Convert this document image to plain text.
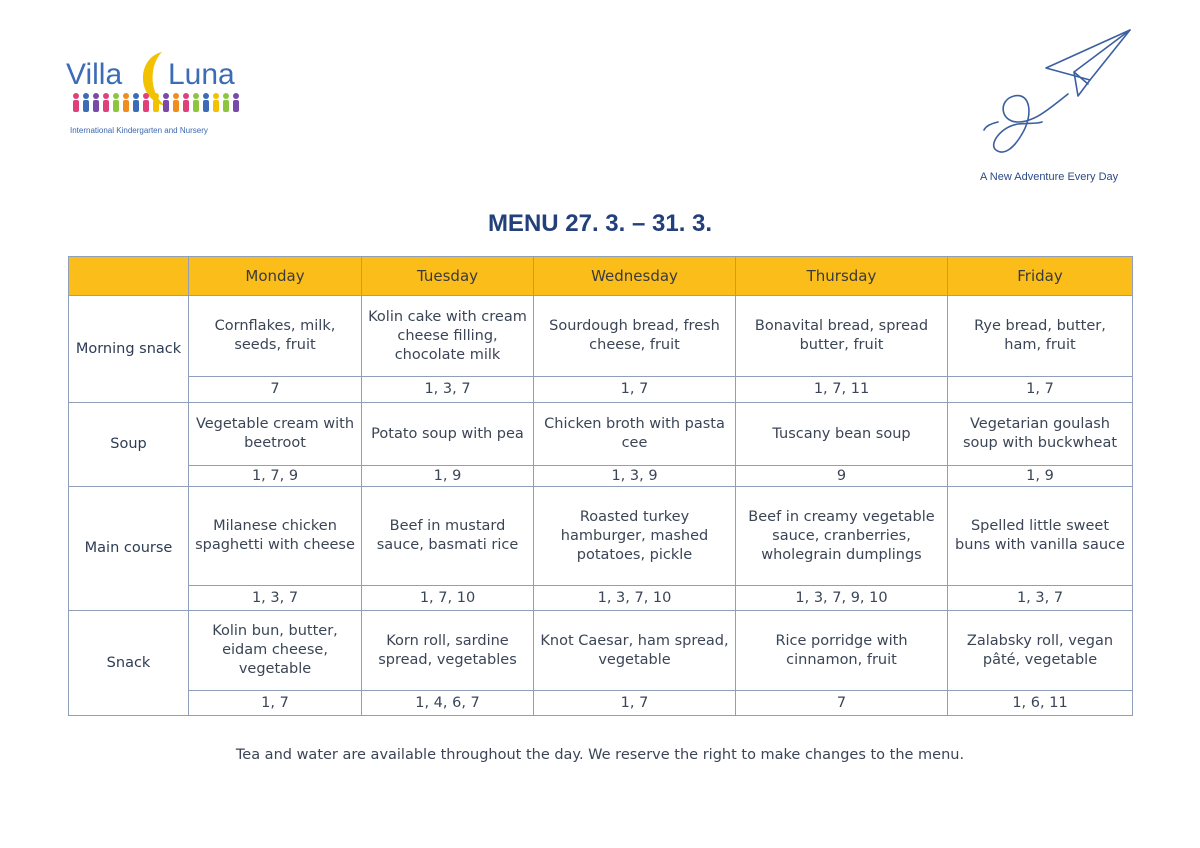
Villa Luna
International Kindergarten and Nursery
A New Adventure Every Day
MENU 27. 3. – 31. 3.
	Monday	Tuesday	Wednesday	Thursday	Friday
Morning snack	Cornflakes, milk, seeds, fruit	Kolin cake with cream cheese filling, chocolate milk	Sourdough bread, fresh cheese, fruit	Bonavital bread, spread butter, fruit	Rye bread, butter, ham, fruit
	7	1, 3, 7	1, 7	1, 7, 11	1, 7
Soup	Vegetable cream with beetroot	Potato soup with pea	Chicken broth with pasta cee	Tuscany bean soup	Vegetarian goulash soup with buckwheat
	1, 7, 9	1, 9	1, 3, 9	9	1, 9
Main course	Milanese chicken spaghetti with cheese	Beef in mustard sauce, basmati rice	Roasted turkey hamburger, mashed potatoes, pickle	Beef in creamy vegetable sauce, cranberries, wholegrain dumplings	Spelled little sweet buns with vanilla sauce
	1, 3, 7	1, 7, 10	1, 3, 7, 10	1, 3, 7, 9, 10	1, 3, 7
Snack	Kolin bun, butter, eidam cheese, vegetable	Korn roll, sardine spread, vegetables	Knot Caesar, ham spread, vegetable	Rice porridge with cinnamon, fruit	Zalabsky roll, vegan pâté, vegetable
	1, 7	1, 4, 6, 7	1, 7	7	1, 6, 11
Tea and water are available throughout the day. We reserve the right to make changes to the menu.
